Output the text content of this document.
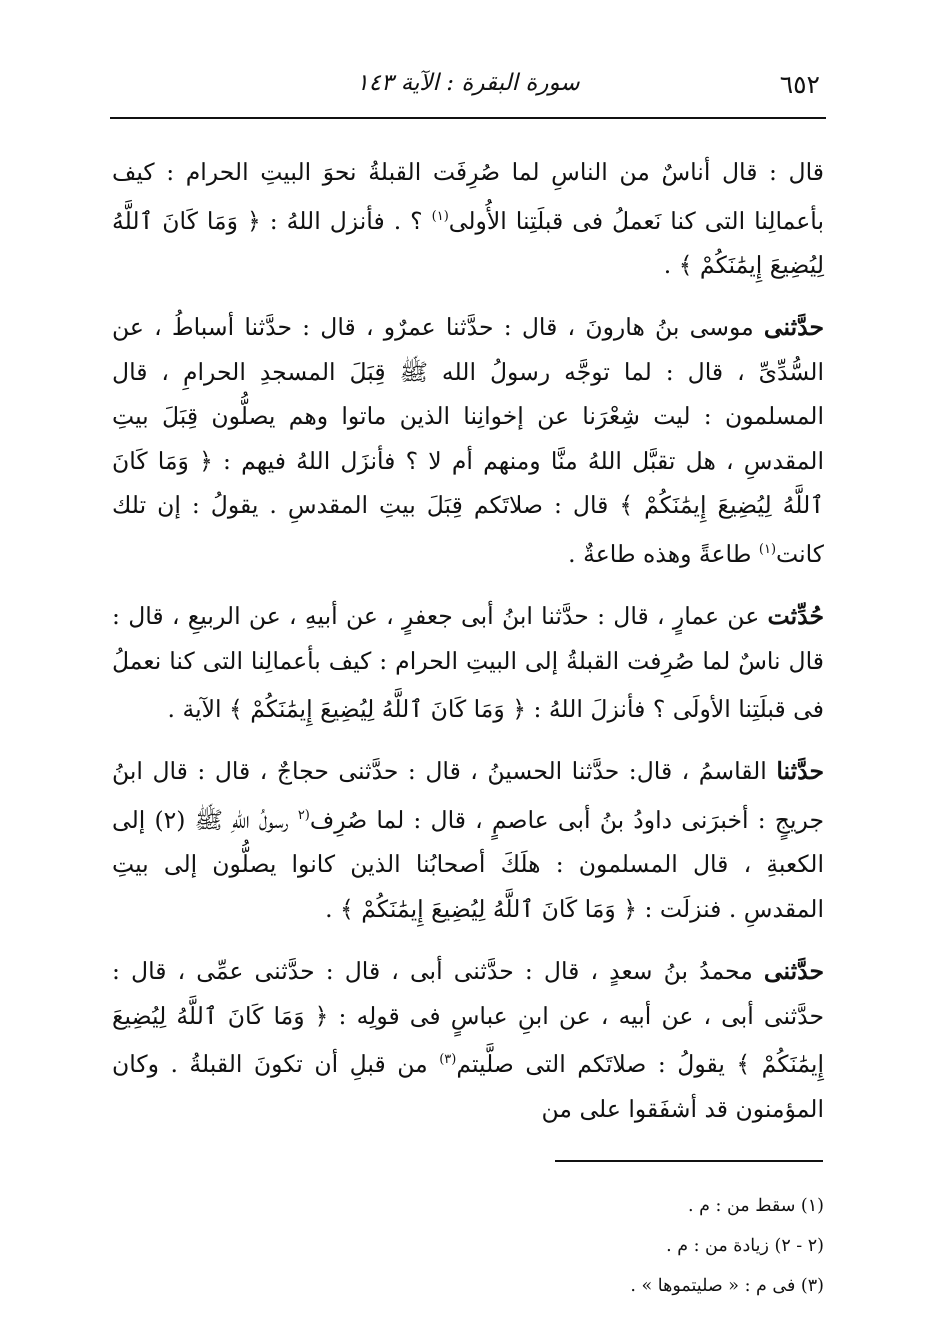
٦٥٢
سورة البقرة : الآية ١٤٣

قال : قال أناسٌ من الناسِ لما صُرِفَت القبلةُ نحوَ البيتِ الحرام : كيف بأعمالِنا التى كنا نَعملُ فى قبلَتِنا الأُولى$^{(١)}$ ؟ . فأنزل اللهُ : ﴿ وَمَا كَانَ ٱللَّهُ لِيُضِيعَ إِيمَٰنَكُمْ ﴾ .

حدَّثنى موسى بنُ هارونَ ، قال : حدَّثنا عمرٌو ، قال : حدَّثنا أسباطُ ، عن السُّدِّىِّ ، قال : لما توجَّه رسولُ الله ﷺ قِبَلَ المسجدِ الحرامِ ، قال المسلمون : ليت شِعْرَنا عن إخوانِنا الذين ماتوا وهم يصلُّون قِبَلَ بيتِ المقدسِ ، هل تقبَّل اللهُ منَّا ومنهم أم لا ؟ فأنزَل اللهُ فيهم : ﴿ وَمَا كَانَ ٱللَّهُ لِيُضِيعَ إِيمَٰنَكُمْ ﴾ قال : صلاتَكم قِبَلَ بيتِ المقدسِ . يقولُ : إن تلك كانت$^{(١)}$ طاعةً وهذه طاعةٌ .

حُدِّثت عن عمارٍ ، قال : حدَّثنا ابنُ أبى جعفرٍ ، عن أبيهِ ، عن الربيعِ ، قال : قال ناسٌ لما صُرِفت القبلةُ إلى البيتِ الحرام : كيف بأعمالِنا التى كنا نعملُ فى قبلَتِنا الأولَى ؟ فأنزلَ اللهُ : ﴿ وَمَا كَانَ ٱللَّهُ لِيُضِيعَ إِيمَٰنَكُمْ ﴾ الآية .

حدَّثنا القاسمُ ، قال: حدَّثنا الحسينُ ، قال : حدَّثنى حجاجٌ ، قال : قال ابنُ جريجٍ : أخبرَنى داودُ بنُ أبى عاصمٍ ، قال : لما صُرِف$^{(٢}$ رسولُ اللهِ ﷺ (٢) إلى الكعبةِ ، قال المسلمون : هلَكَ أصحابُنا الذين كانوا يصلُّون إلى بيتِ المقدسِ . فنزلَت : ﴿ وَمَا كَانَ ٱللَّهُ لِيُضِيعَ إِيمَٰنَكُمْ ﴾ .

حدَّثنى محمدُ بنُ سعدٍ ، قال : حدَّثنى أبى ، قال : حدَّثنى عمِّى ، قال : حدَّثنى أبى ، عن أبيه ، عن ابنِ عباسٍ فى قولِه : ﴿ وَمَا كَانَ ٱللَّهُ لِيُضِيعَ إِيمَٰنَكُمْ ﴾ يقولُ : صلاتَكم التى صلَّيتم$^{(٣)}$ من قبلِ أن تكونَ القبلةُ . وكان المؤمنون قد أشفَقوا على من

(١) سقط من : م .

(٢ - ٢) زيادة من : م .

(٣) فى م : « صليتموها » .
